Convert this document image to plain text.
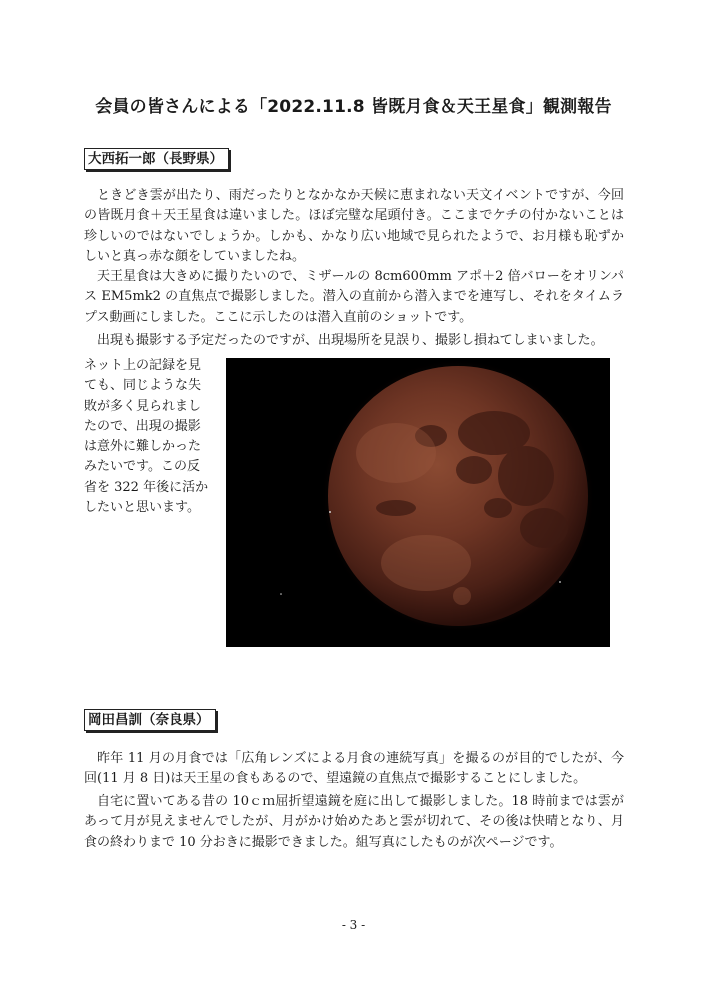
会員の皆さんによる「2022.11.8 皆既月食＆天王星食」観測報告
大西拓一郎（長野県）

ときどき雲が出たり、雨だったりとなかなか天候に恵まれない天文イベントですが、今回の皆既月食＋天王星食は違いました。ほぼ完璧な尾頭付き。ここまでケチの付かないことは珍しいのではないでしょうか。しかも、かなり広い地域で見られたようで、お月様も恥ずかしいと真っ赤な顔をしていましたね。

天王星食は大きめに撮りたいので、ミザールの 8cm600mm アポ＋2 倍バローをオリンパス EM5mk2 の直焦点で撮影しました。潜入の直前から潜入までを連写し、それをタイムラプス動画にしました。ここに示したのは潜入直前のショットです。

出現も撮影する予定だったのですが、出現場所を見誤り、撮影し損ねてしまいました。

ネット上の記録を見ても、同じような失敗が多く見られましたので、出現の撮影は意外に難しかったみたいです。この反省を 322 年後に活かしたいと思います。

岡田昌訓（奈良県）

昨年 11 月の月食では「広角レンズによる月食の連続写真」を撮るのが目的でしたが、今回(11 月 8 日)は天王星の食もあるので、望遠鏡の直焦点で撮影することにしました。

自宅に置いてある昔の 10ｃｍ屈折望遠鏡を庭に出して撮影しました。18 時前までは雲があって月が見えませんでしたが、月がかけ始めたあと雲が切れて、その後は快晴となり、月食の終わりまで 10 分おきに撮影できました。組写真にしたものが次ページです。

- 3 -
